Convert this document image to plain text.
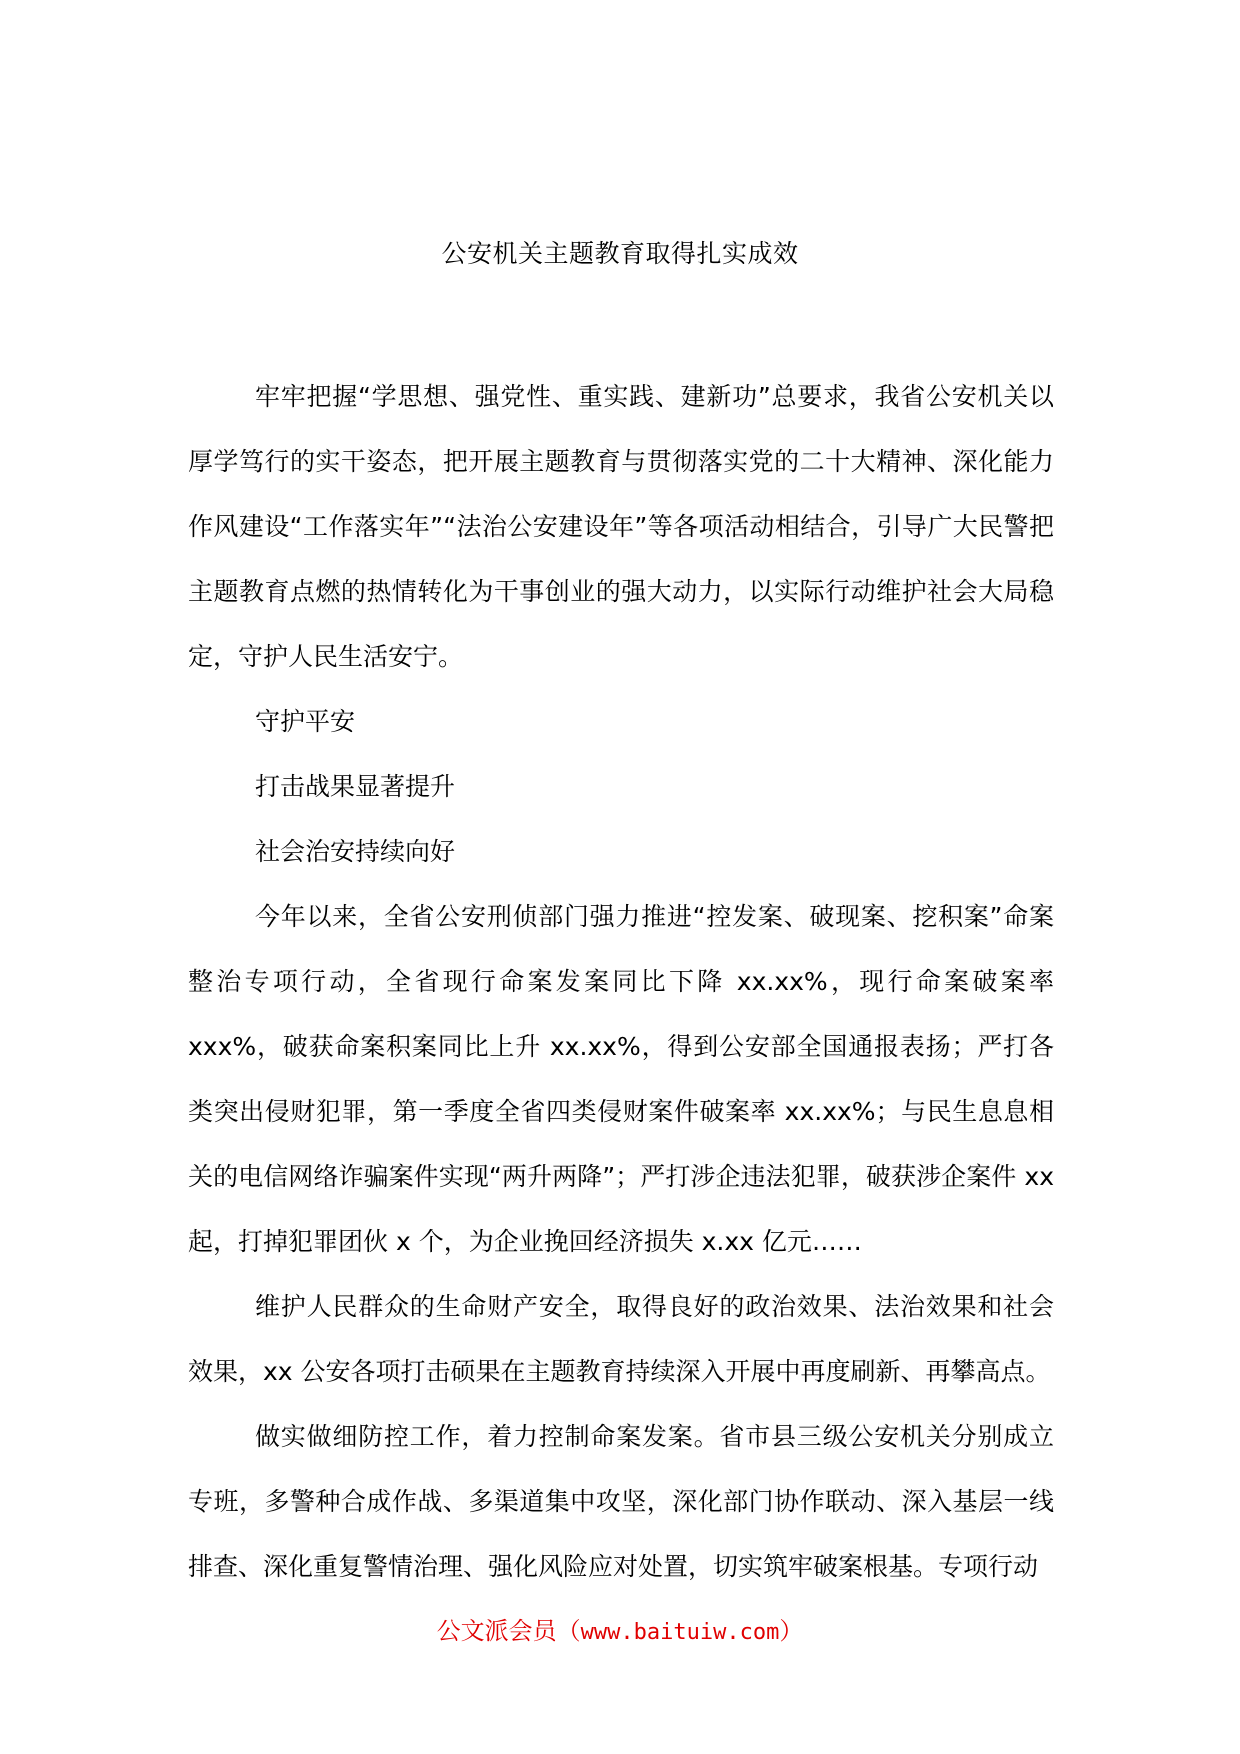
公安机关主题教育取得扎实成效

牢牢把握“学思想、强党性、重实践、建新功”总要求，我省公安机关以厚学笃行的实干姿态，把开展主题教育与贯彻落实党的二十大精神、深化能力作风建设“工作落实年”“法治公安建设年”等各项活动相结合，引导广大民警把主题教育点燃的热情转化为干事创业的强大动力，以实际行动维护社会大局稳定，守护人民生活安宁。

守护平安

打击战果显著提升

社会治安持续向好

今年以来，全省公安刑侦部门强力推进“控发案、破现案、挖积案”命案整治专项行动，全省现行命案发案同比下降 xx.xx%，现行命案破案率 xxx%，破获命案积案同比上升 xx.xx%，得到公安部全国通报表扬；严打各类突出侵财犯罪，第一季度全省四类侵财案件破案率 xx.xx%；与民生息息相关的电信网络诈骗案件实现“两升两降”；严打涉企违法犯罪，破获涉企案件 xx 起，打掉犯罪团伙 x 个，为企业挽回经济损失 x.xx 亿元……

维护人民群众的生命财产安全，取得良好的政治效果、法治效果和社会效果，xx 公安各项打击硕果在主题教育持续深入开展中再度刷新、再攀高点。

做实做细防控工作，着力控制命案发案。省市县三级公安机关分别成立专班，多警种合成作战、多渠道集中攻坚，深化部门协作联动、深入基层一线排查、深化重复警情治理、强化风险应对处置，切实筑牢破案根基。专项行动

公文派会员（www.baituiw.com）
